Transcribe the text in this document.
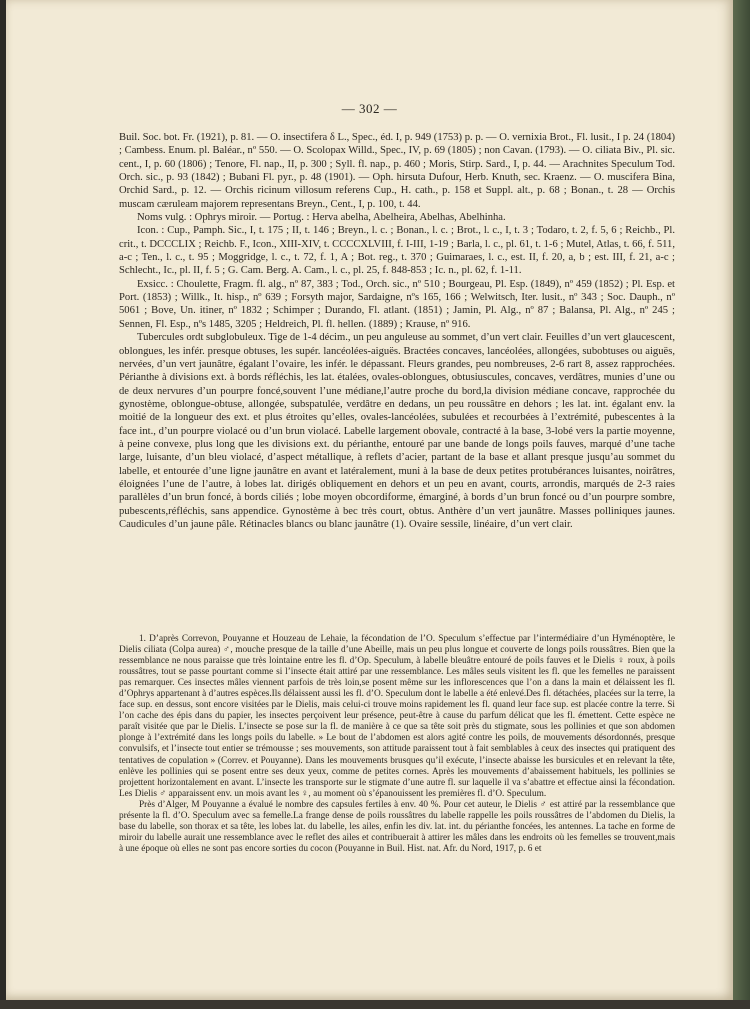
— 302 —

Buil. Soc. bot. Fr. (1921), p. 81. — O. insectifera δ L., Spec., éd. I, p. 949 (1753) p. p. — O. vernixia Brot., Fl. lusit., I p. 24 (1804) ; Cambess. Enum. pl. Baléar., nº 550. — O. Scolopax Willd., Spec., IV, p. 69 (1805) ; non Cavan. (1793). — O. ciliata Biv., Pl. sic. cent., I, p. 60 (1806) ; Tenore, Fl. nap., II, p. 300 ; Syll. fl. nap., p. 460 ; Moris, Stirp. Sard., I, p. 44. — Arachnites Speculum Tod. Orch. sic., p. 93 (1842) ; Bubani Fl. pyr., p. 48 (1901). — Oph. hirsuta Dufour, Herb. Knuth, sec. Kraenz. — O. muscifera Bina, Orchid Sard., p. 12. — Orchis ricinum villosum referens Cup., H. cath., p. 158 et Suppl. alt., p. 68 ; Bonan., t. 28 — Orchis muscam cæruleam majorem representans Breyn., Cent., I, p. 100, t. 44.

Noms vulg. : Ophrys miroir. — Portug. : Herva abelha, Abelheira, Abelhas, Abelhinha.

Icon. : Cup., Pamph. Sic., I, t. 175 ; II, t. 146 ; Breyn., l. c. ; Bonan., l. c. ; Brot., l. c., I, t. 3 ; Todaro, t. 2, f. 5, 6 ; Reichb., Pl. crit., t. DCCCLIX ; Reichb. F., Icon., XIII-XIV, t. CCCCXLVIII, f. I-III, 1-19 ; Barla, l. c., pl. 61, t. 1-6 ; Mutel, Atlas, t. 66, f. 511, a-c ; Ten., l. c., t. 95 ; Moggridge, l. c., t. 72, f. 1, A ; Bot. reg., t. 370 ; Guimaraes, l. c., est. II, f. 20, a, b ; est. III, f. 21, a-c ; Schlecht., Ic., pl. II, f. 5 ; G. Cam. Berg. A. Cam., l. c., pl. 25, f. 848-853 ; Ic. n., pl. 62, f. 1-11.

Exsicc. : Choulette, Fragm. fl. alg., nº 87, 383 ; Tod., Orch. sic., nº 510 ; Bourgeau, Pl. Esp. (1849), nº 459 (1852) ; Pl. Esp. et Port. (1853) ; Willk., It. hisp., nº 639 ; Forsyth major, Sardaigne, nºs 165, 166 ; Welwitsch, Iter. lusit., nº 343 ; Soc. Dauph., nº 5061 ; Bove, Un. itiner, nº 1832 ; Schimper ; Durando, Fl. atlant. (1851) ; Jamin, Pl. Alg., nº 87 ; Balansa, Pl. Alg., nº 245 ; Sennen, Fl. Esp., nºs 1485, 3205 ; Heldreich, Pl. fl. hellen. (1889) ; Krause, nº 916.

Tubercules ordt subglobuleux. Tige de 1-4 décim., un peu anguleuse au sommet, d’un vert clair. Feuilles d’un vert glaucescent, oblongues, les infér. presque obtuses, les supér. lancéolées-aiguës. Bractées concaves, lancéolées, allongées, subobtuses ou aiguës, nervées, d’un vert jaunâtre, égalant l’ovaire, les infér. le dépassant. Fleurs grandes, peu nombreuses, 2-6 rart 8, assez rapprochées. Périanthe à divisions ext. à bords réfléchis, les lat. étalées, ovales-oblongues, obtusiuscules, concaves, verdâtres, munies d’une ou de deux nervures d’un pourpre foncé,souvent l’une médiane,l’autre proche du bord,la division médiane concave, rapprochée du gynostème, oblongue-obtuse, allongée, subspatulée, verdâtre en dedans, un peu roussâtre en dehors ; les lat. int. égalant env. la moitié de la longueur des ext. et plus étroites qu’elles, ovales-lancéolées, subulées et recourbées à l’extrémité, pubescentes à la face int., d’un pourpre violacé ou d’un brun violacé. Labelle largement obovale, contracté à la base, 3-lobé vers la partie moyenne, à peine convexe, plus long que les divisions ext. du périanthe, entouré par une bande de longs poils fauves, marqué d’une tache large, luisante, d’un bleu violacé, d’aspect métallique, à reflets d’acier, partant de la base et allant presque jusqu’au sommet du labelle, et entourée d’une ligne jaunâtre en avant et latéralement, muni à la base de deux petites protubérances luisantes, noirâtres, éloignées l’une de l’autre, à lobes lat. dirigés obliquement en dehors et un peu en avant, courts, arrondis, marqués de 2-3 raies parallèles d’un brun foncé, à bords ciliés ; lobe moyen obcordiforme, émarginé, à bords d’un brun foncé ou d’un pourpre sombre, pubescents,réfléchis, sans appendice. Gynostème à bec très court, obtus. Anthère d’un vert jaunâtre. Masses polliniques jaunes. Caudicules d’un jaune pâle. Rétinacles blancs ou blanc jaunâtre (1). Ovaire sessile, linéaire, d’un vert clair.

1. D’après Correvon, Pouyanne et Houzeau de Lehaie, la fécondation de l’O. Speculum s’effectue par l’intermédiaire d’un Hyménoptère, le Dielis ciliata (Colpa aurea) ♂, mouche presque de la taille d’une Abeille, mais un peu plus longue et couverte de longs poils roussâtres. Bien que la ressemblance ne nous paraisse que très lointaine entre les fl. d’Op. Speculum, à labelle bleuâtre entouré de poils fauves et le Dielis ♀ roux, à poils roussâtres, tout se passe pourtant comme si l’insecte était attiré par une ressemblance. Les mâles seuls visitent les fl. que les femelles ne paraissent pas remarquer. Ces insectes mâles viennent parfois de très loin,se posent même sur les inflorescences que l’on a dans la main et délaissent les fl. d’Ophrys appartenant à d’autres espèces.Ils délaissent aussi les fl. d’O. Speculum dont le labelle a été enlevé.Des fl. détachées, placées sur la terre, la face sup. en dessus, sont encore visitées par le Dielis, mais celui-ci trouve moins rapidement les fl. quand leur face sup. est placée contre la terre. Si l’on cache des épis dans du papier, les insectes perçoivent leur présence, peut-être à cause du parfum délicat que les fl. émettent. Cette espèce ne paraît visitée que par le Dielis. L’insecte se pose sur la fl. de manière à ce que sa tête soit près du stigmate, sous les pollinies et que son abdomen plonge à l’extrémité dans les longs poils du labelle. » Le bout de l’abdomen est alors agité contre les poils, de mouvements désordonnés, presque convulsifs, et l’insecte tout entier se trémousse ; ses mouvements, son attitude paraissent tout à fait semblables à ceux des insectes qui pratiquent des tentatives de copulation » (Correv. et Pouyanne). Dans les mouvements brusques qu’il exécute, l’insecte abaisse les bursicules et en relevant la tête, enlève les pollinies qui se posent entre ses deux yeux, comme de petites cornes. Après les mouvements d’abaissement habituels, les pollinies se projettent horizontalement en avant. L’insecte les transporte sur le stigmate d’une autre fl. sur laquelle il va s’abattre et effectue ainsi la fécondation. Les Dielis ♂ apparaissent env. un mois avant les ♀, au moment où s’épanouissent les premières fl. d’O. Speculum.

Près d’Alger, M Pouyanne a évalué le nombre des capsules fertiles à env. 40 %. Pour cet auteur, le Dielis ♂ est attiré par la ressemblance que présente la fl. d’O. Speculum avec sa femelle.La frange dense de poils roussâtres du labelle rappelle les poils roussâtres de l’abdomen du Dielis, la base du labelle, son thorax et sa tête, les lobes lat. du labelle, les ailes, enfin les div. lat. int. du périanthe foncées, les antennes. La tache en forme de miroir du labelle aurait une ressemblance avec le reflet des ailes et contribuerait à attirer les mâles dans les endroits où les femelles se trouvent,mais à une époque où elles ne sont pas encore sorties du cocon (Pouyanne in Buil. Hist. nat. Afr. du Nord, 1917, p. 6 et
